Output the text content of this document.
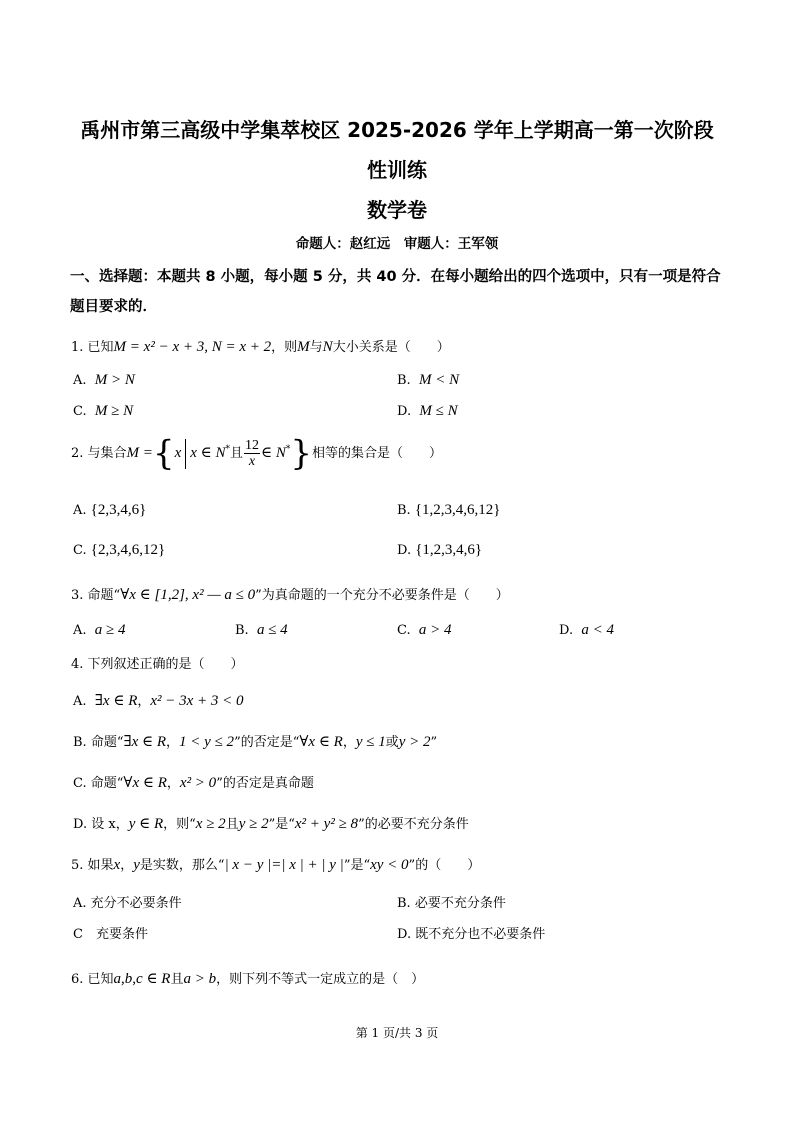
禹州市第三高级中学集萃校区 2025-2026 学年上学期高一第一次阶段
性训练
数学卷
命题人：赵红远　审题人：王军领
一、选择题：本题共 8 小题，每小题 5 分，共 40 分．在每小题给出的四个选项中，只有一项是符合题目要求的．
1. 已知M = x² − x + 3, N = x + 2，则M与N大小关系是（　　）
A. M > N	B. M < N
C. M ≥ N	D. M ≤ N
2. 与集合M ={x x ∈ N*且 $\frac{12}{x}$ ∈ N*}相等的集合是（　　）
A. {2,3,4,6}	B. {1,2,3,4,6,12}
C. {2,3,4,6,12}	D. {1,2,3,4,6}
3. 命题“∀x ∈ [1,2], x² — a ≤ 0”为真命题的一个充分不必要条件是（　　）
A. a ≥ 4	B. a ≤ 4	C. a > 4	D. a < 4
4. 下列叙述正确的是（　　）
A. ∃x ∈ R，x² − 3x + 3 < 0
B. 命题“∃x ∈ R，1 < y ≤ 2”的否定是“∀x ∈ R，y ≤ 1或y > 2”
C. 命题“∀x ∈ R，x² > 0”的否定是真命题
D. 设 x，y ∈ R，则“x ≥ 2且y ≥ 2”是“x² + y² ≥ 8”的必要不充分条件
5. 如果x，y是实数，那么“| x − y |=| x | + | y |”是“xy < 0”的（　　）
A. 充分不必要条件	B. 必要不充分条件
C　充要条件	D. 既不充分也不必要条件
6. 已知a,b,c ∈ R且a > b，则下列不等式一定成立的是（　）
第 1 页/共 3 页
